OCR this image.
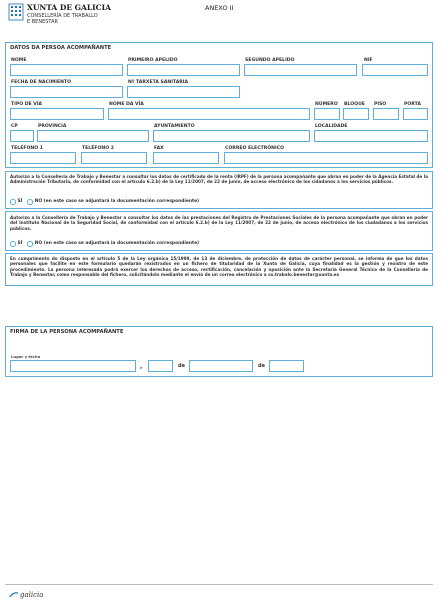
XUNTA DE GALICIA
CONSELLERÍA DE TRABALLO
E BENESTAR
ANEXO II
DATOS DA PERSOA ACOMPAÑANTE
NOME	PRIMEIRO APELIDO	SEGUNDO APELIDO	NIF
FECHA DE NACIMIENTO	Nº TARXETA SANITARIA
TIPO DE VÍA	NOME DA VÍA	NÚMERO BLOQUE PISO	PORTA
CP	PROVINCIA	AYUNTAMIENTO	LOCALIDADE
TELÉFONO 1	TELÉFONO 2	FAX	CORREO ELECTRÓNICO
Autorizo a la Consellería de Trabajo y Benestar a consultar los datos de certificado de la renta (IRPF) de la persona acompañante que obran en poder de la Agencia Estatal de la Administración Tributaria, de conformidad con el artículo 6.2.b) de la Ley 11/2007, de 22 de junio, de acceso electrónico de los cidadanos a los servicios públicos.
SÍ	NO (en este caso se adjuntará la documentación correspondiente)
Autorizo a la Consellería de Trabajo y Benestar a consultar los datos de las prestaciones del Registro de Prestaciones Sociales de la persona acompañante que obran en poder del Instituto Nacional de la Seguridad Social, de conformidad con el artículo 6.2.b) de la Ley 11/2007, de 22 de junio, de acceso electrónico de los ciudadanos a los servicios públicos.
SÍ	NO (en este caso se adjuntará la documentación correspondiente)
En cumprimento do disposto en el artículo 5 de la Ley orgánica 15/1999, de 13 de diciembre, de protección de datos de carácter personal, se informa de que los datos personales que facilite en este formulario quedarán rexistrados en un fichero de titularidad de la Xunta de Galicia, cuya finalidad es la gestión y rexistro de este procedimiento. La persona interesada podrá exercer los derechos de acceso, rectificación, cancelación y oposición ante la Secretaría General Técnica de la Consellería de Trabajo y Benestar, como responsable del fichero, solicitándolo mediante el envío de un correo electrónico a sx.trabalo.benestar@xunta.es
FIRMA DE LA PERSONA ACOMPAÑANTE
Lugar y fecha
,	de	de
galicia
